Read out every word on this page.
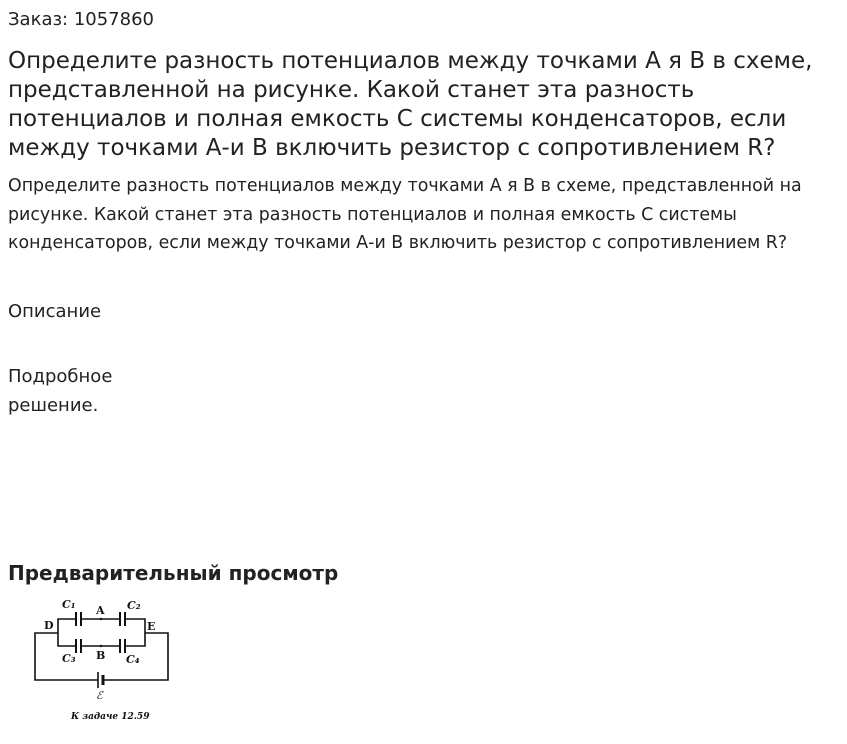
Заказ: 1057860
Определите разность потенциалов между точками А я В в схеме, представленной на рисунке. Какой станет эта разность потенциалов и полная емкость С системы конденсаторов, если между точками А-и В включить резистор с сопротивлением R?

Определите разность потенциалов между точками А я В в схеме, представленной на рисунке. Какой станет эта разность потенциалов и полная емкость С системы конденсаторов, если между точками А-и В включить резистор с сопротивлением R?

Описание
Подробное решение.
Предварительный просмотр
C₁ A C₂
D	E
C₃ B C₄
ℰ
К задаче 12.59
